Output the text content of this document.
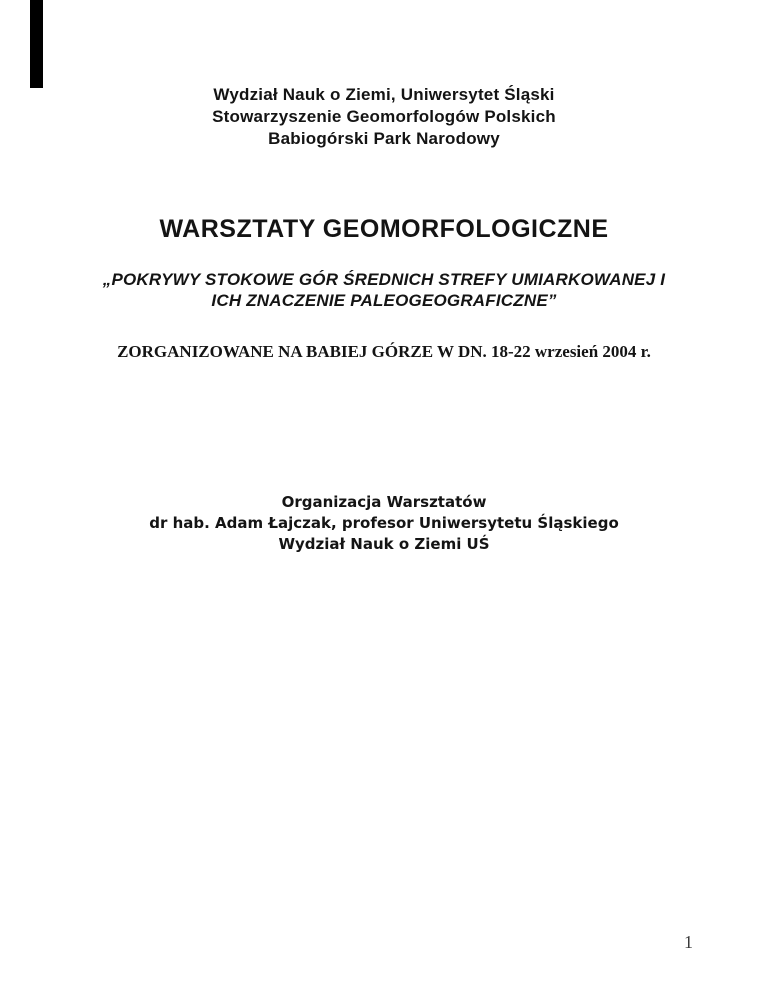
Wydział Nauk o Ziemi, Uniwersytet Śląski
Stowarzyszenie Geomorfologów Polskich
Babiogórski Park Narodowy
WARSZTATY GEOMORFOLOGICZNE
„POKRYWY STOKOWE GÓR ŚREDNICH STREFY UMIARKOWANEJ I
ICH ZNACZENIE PALEOGEOGRAFICZNE”
ZORGANIZOWANE NA BABIEJ GÓRZE W DN. 18-22 wrzesień 2004 r.
Organizacja Warsztatów
dr hab. Adam Łajczak, profesor Uniwersytetu Śląskiego
Wydział Nauk o Ziemi UŚ
1
